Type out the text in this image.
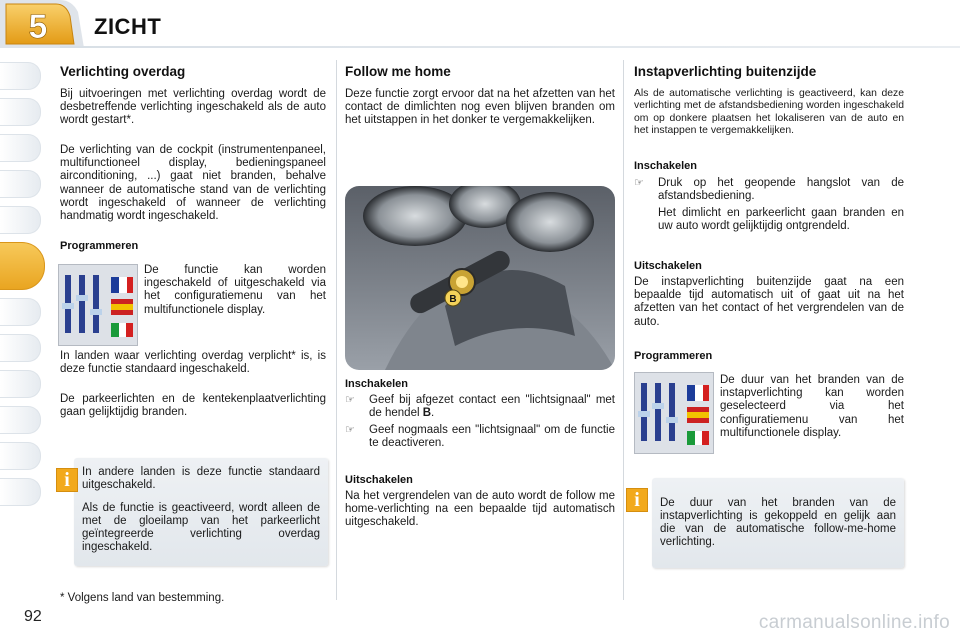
5 ZICHT
Verlichting overdag

Bij uitvoeringen met verlichting overdag wordt de desbetreffende verlichting ingeschakeld als de auto wordt gestart*.

De verlichting van de cockpit (instrumentenpaneel, multifunctioneel display, bedieningspaneel airconditioning, ...) gaat niet branden, behalve wanneer de automatische stand van de verlichting wordt ingeschakeld of wanneer de verlichting handmatig wordt ingeschakeld.

Programmeren

De functie kan worden ingeschakeld of uitgeschakeld via het configuratiemenu van het multifunctionele display.

In landen waar verlichting overdag verplicht* is, is deze functie standaard ingeschakeld.

De parkeerlichten en de kentekenplaatverlichting gaan gelijktijdig branden.

i	In andere landen is deze functie standaard uitgeschakeld.

Als de functie is geactiveerd, wordt alleen de met de gloeilamp van het parkeerlicht geïntegreerde verlichting overdag ingeschakeld.

* Volgens land van bestemming.
92
Follow me home

Deze functie zorgt ervoor dat na het afzetten van het contact de dimlichten nog even blijven branden om het uitstappen in het donker te vergemakkelijken.

B
Inschakelen
☞ Geef bij afgezet contact een "lichtsignaal" met de hendel B.
☞ Geef nogmaals een "lichtsignaal" om de functie te deactiveren.
Uitschakelen

Na het vergrendelen van de auto wordt de follow me home-verlichting na een bepaalde tijd automatisch uitgeschakeld.

Instapverlichting buitenzijde

Als de automatische verlichting is geactiveerd, kan deze verlichting met de afstandsbediening worden ingeschakeld om op donkere plaatsen het lokaliseren van de auto en het instappen te vergemakkelijken.

Inschakelen
☞ Druk op het geopende hangslot van de afstandsbediening.

Het dimlicht en parkeerlicht gaan branden en uw auto wordt gelijktijdig ontgrendeld.

Uitschakelen

De instapverlichting buitenzijde gaat na een bepaalde tijd automatisch uit of gaat uit na het afzetten van het contact of het vergrendelen van de auto.

Programmeren

De duur van het branden van de instapverlichting kan worden geselecteerd via het configuratiemenu van het multifunctionele display.

i	De duur van het branden van de instapverlichting is gekoppeld en gelijk aan die van de automatische follow-me-home verlichting.

carmanualsonline.info
